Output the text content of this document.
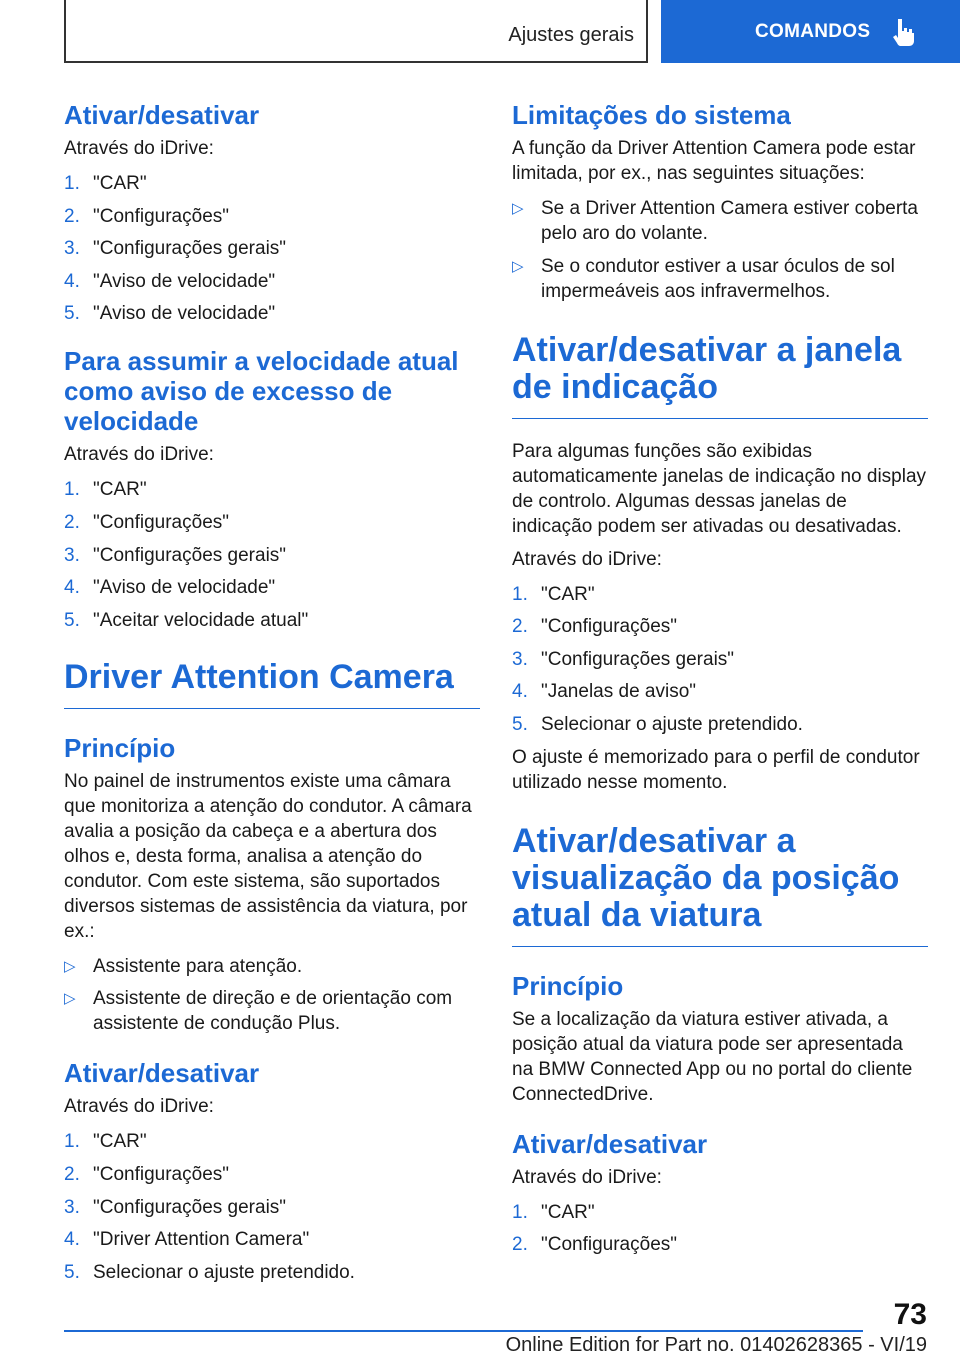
Ajustes gerais	COMANDOS
Ativar/desativar

Através do iDrive:

1. "CAR"
2. "Configurações"
3. "Configurações gerais"
4. "Aviso de velocidade"
5. "Aviso de velocidade"
Para assumir a velocidade atual como aviso de excesso de velocidade

Através do iDrive:

1. "CAR"
2. "Configurações"
3. "Configurações gerais"
4. "Aviso de velocidade"
5. "Aceitar velocidade atual"
Driver Attention Camera
Princípio

No painel de instrumentos existe uma câmara que monitoriza a atenção do condutor. A câmara avalia a posição da cabeça e a abertura dos olhos e, desta forma, analisa a atenção do condutor. Com este sistema, são suportados diversos sistemas de assistência da viatura, por ex.:

▷ Assistente para atenção.
▷ Assistente de direção e de orientação com assistente de condução Plus.
Ativar/desativar

Através do iDrive:

1. "CAR"
2. "Configurações"
3. "Configurações gerais"
4. "Driver Attention Camera"
5. Selecionar o ajuste pretendido.
Limitações do sistema

A função da Driver Attention Camera pode estar limitada, por ex., nas seguintes situações:

▷ Se a Driver Attention Camera estiver coberta pelo aro do volante.
▷ Se o condutor estiver a usar óculos de sol impermeáveis aos infravermelhos.
Ativar/desativar a janela de indicação

Para algumas funções são exibidas automaticamente janelas de indicação no display de controlo. Algumas dessas janelas de indicação podem ser ativadas ou desativadas.

Através do iDrive:

1. "CAR"
2. "Configurações"
3. "Configurações gerais"
4. "Janelas de aviso"
5. Selecionar o ajuste pretendido.

O ajuste é memorizado para o perfil de condutor utilizado nesse momento.

Ativar/desativar a visualização da posição atual da viatura
Princípio

Se a localização da viatura estiver ativada, a posição atual da viatura pode ser apresentada na BMW Connected App ou no portal do cliente ConnectedDrive.

Ativar/desativar

Através do iDrive:

1. "CAR"
2. "Configurações"
73
Online Edition for Part no. 01402628365 - VI/19
